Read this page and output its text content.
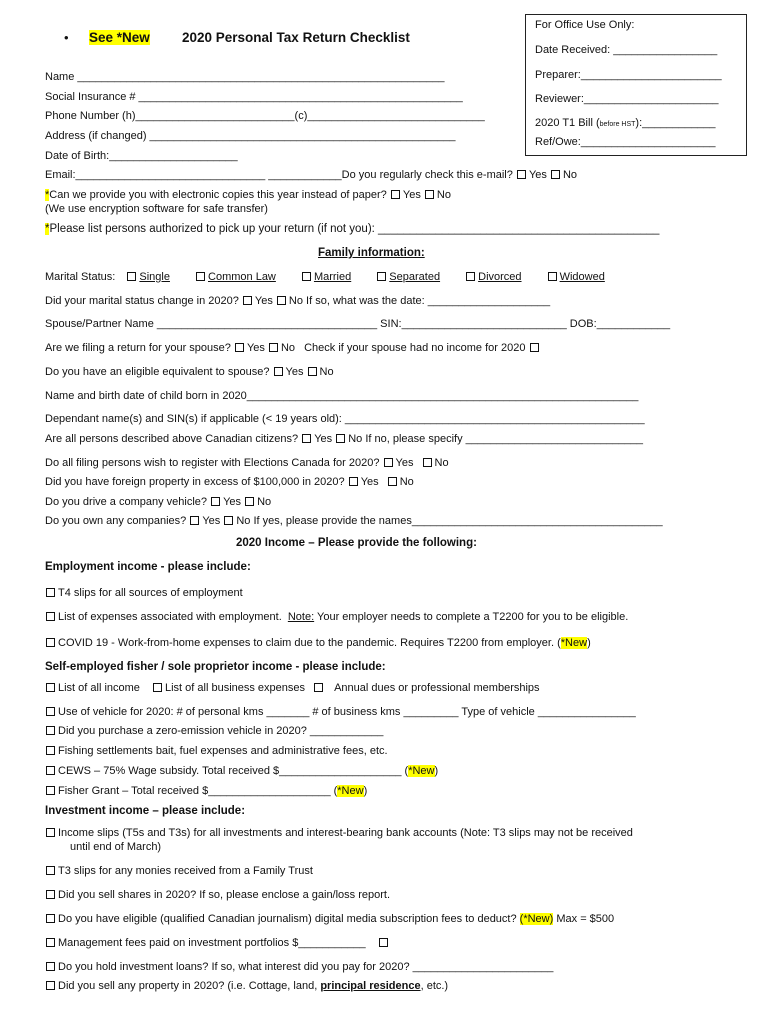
• See *New 2020 Personal Tax Return Checklist
For Office Use Only:
Date Received: _________________
Preparer:_______________________
Reviewer:______________________
2020 T1 Bill (before HST):____________
Ref/Owe:______________________
Name ____________________________________________________________
Social Insurance # _____________________________________________________
Phone Number (h)__________________________(c)_____________________________
Address (if changed) __________________________________________________
Date of Birth:_____________________
Email:_______________________________ ____________Do you regularly check this e-mail? Yes No
*Can we provide you with electronic copies this year instead of paper? Yes No
(We use encryption software for safe transfer)
*Please list persons authorized to pick up your return (if not you): ____________________________________________
Family information:
Marital Status: Single	Common Law	Married	Separated	Divorced	Widowed
Did your marital status change in 2020? Yes No If so, what was the date: ____________________
Spouse/Partner Name ____________________________________ SIN:___________________________ DOB:____________
Are we filing a return for your spouse? Yes No Check if your spouse had no income for 2020
Do you have an eligible equivalent to spouse? Yes No
Name and birth date of child born in 2020________________________________________________________________
Dependant name(s) and SIN(s) if applicable (< 19 years old): _________________________________________________
Are all persons described above Canadian citizens? Yes No If no, please specify _____________________________
Do all filing persons wish to register with Elections Canada for 2020? Yes No
Did you have foreign property in excess of $100,000 in 2020? Yes No
Do you drive a company vehicle? Yes No
Do you own any companies? Yes No If yes, please provide the names_________________________________________
2020 Income – Please provide the following:
Employment income - please include:
T4 slips for all sources of employment
List of expenses associated with employment. Note: Your employer needs to complete a T2200 for you to be eligible.
COVID 19 - Work-from-home expenses to claim due to the pandemic. Requires T2200 from employer. (*New)
Self-employed fisher / sole proprietor income - please include:
List of all income List of all business expenses	Annual dues or professional memberships
Use of vehicle for 2020: # of personal kms _______ # of business kms _________ Type of vehicle ________________
Did you purchase a zero-emission vehicle in 2020? ____________
Fishing settlements bait, fuel expenses and administrative fees, etc.
CEWS – 75% Wage subsidy. Total received $____________________ (*New)
Fisher Grant – Total received $____________________ (*New)
Investment income – please include:
Income slips (T5s and T3s) for all investments and interest-bearing bank accounts (Note: T3 slips may not be received
until end of March)
T3 slips for any monies received from a Family Trust
Did you sell shares in 2020? If so, please enclose a gain/loss report.
Do you have eligible (qualified Canadian journalism) digital media subscription fees to deduct? (*New) Max = $500
Management fees paid on investment portfolios $___________
Do you hold investment loans? If so, what interest did you pay for 2020? _______________________
Did you sell any property in 2020? (i.e. Cottage, land, principal residence, etc.)
